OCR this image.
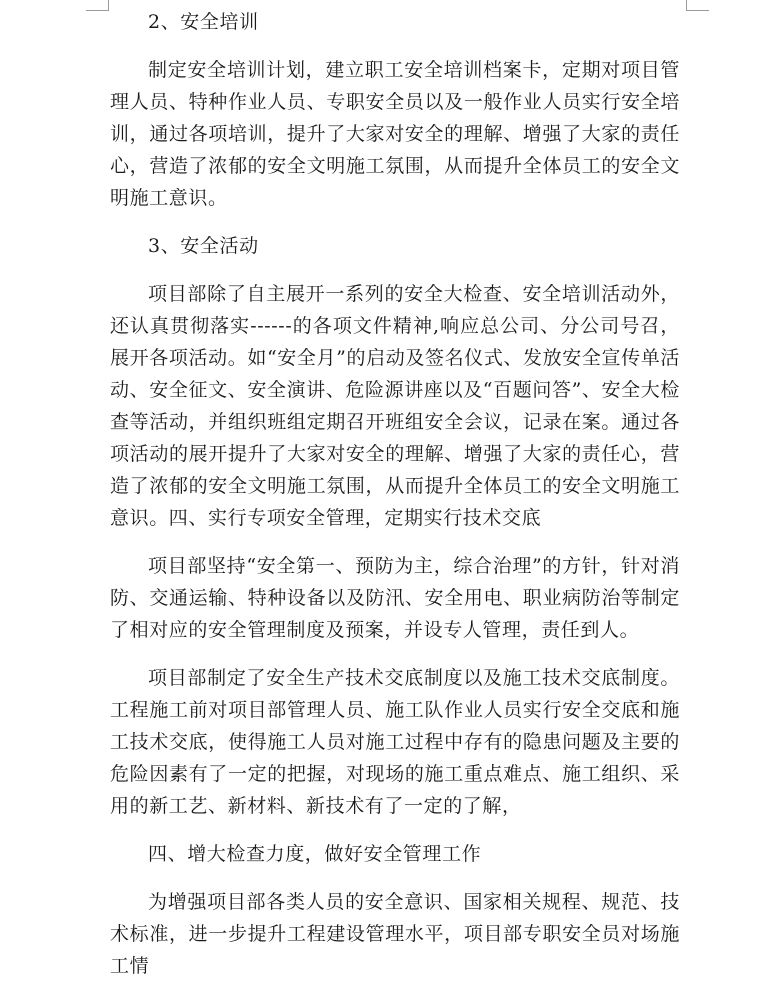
2、安全培训

制定安全培训计划，建立职工安全培训档案卡，定期对项目管理人员、特种作业人员、专职安全员以及一般作业人员实行安全培训，通过各项培训，提升了大家对安全的理解、增强了大家的责任心，营造了浓郁的安全文明施工氛围，从而提升全体员工的安全文明施工意识。

3、安全活动

项目部除了自主展开一系列的安全大检查、安全培训活动外，还认真贯彻落实------的各项文件精神,响应总公司、分公司号召，展开各项活动。如“安全月”的启动及签名仪式、发放安全宣传单活动、安全征文、安全演讲、危险源讲座以及“百题问答”、安全大检查等活动，并组织班组定期召开班组安全会议，记录在案。通过各项活动的展开提升了大家对安全的理解、增强了大家的责任心，营造了浓郁的安全文明施工氛围，从而提升全体员工的安全文明施工意识。四、实行专项安全管理，定期实行技术交底

项目部坚持“安全第一、预防为主，综合治理”的方针，针对消防、交通运输、特种设备以及防汛、安全用电、职业病防治等制定了相对应的安全管理制度及预案，并设专人管理，责任到人。

项目部制定了安全生产技术交底制度以及施工技术交底制度。工程施工前对项目部管理人员、施工队作业人员实行安全交底和施工技术交底，使得施工人员对施工过程中存有的隐患问题及主要的危险因素有了一定的把握，对现场的施工重点难点、施工组织、采用的新工艺、新材料、新技术有了一定的了解，

四、增大检查力度，做好安全管理工作

为增强项目部各类人员的安全意识、国家相关规程、规范、技术标准，进一步提升工程建设管理水平，项目部专职安全员对场施工情
